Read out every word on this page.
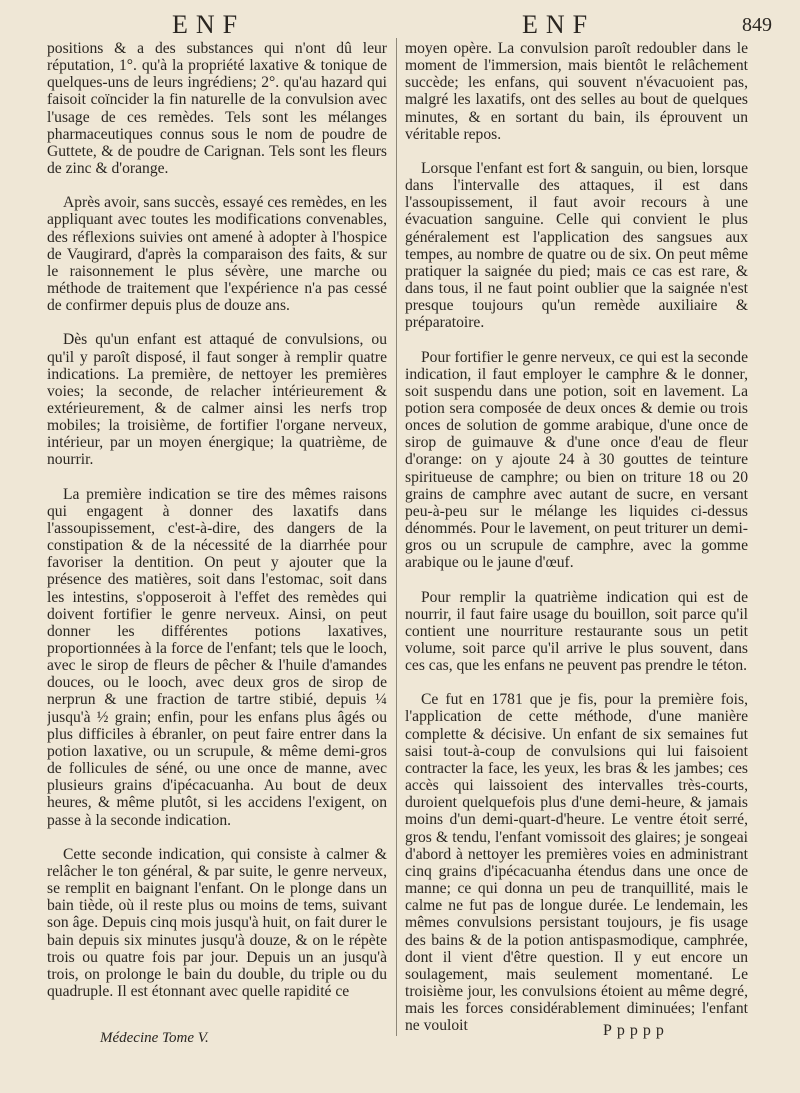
ENF	ENF	849

positions & a des substances qui n'ont dû leur réputation, 1°. qu'à la propriété laxative & tonique de quelques-uns de leurs ingrédiens; 2°. qu'au hazard qui faisoit coïncider la fin naturelle de la convulsion avec l'usage de ces remèdes. Tels sont les mélanges pharmaceutiques connus sous le nom de poudre de Guttete, & de poudre de Carignan. Tels sont les fleurs de zinc & d'orange.

Après avoir, sans succès, essayé ces remèdes, en les appliquant avec toutes les modifications convenables, des réflexions suivies ont amené à adopter à l'hospice de Vaugirard, d'après la comparaison des faits, & sur le raisonnement le plus sévère, une marche ou méthode de traitement que l'expérience n'a pas cessé de confirmer depuis plus de douze ans.

Dès qu'un enfant est attaqué de convulsions, ou qu'il y paroît disposé, il faut songer à remplir quatre indications. La première, de nettoyer les premières voies; la seconde, de relacher intérieurement & extérieurement, & de calmer ainsi les nerfs trop mobiles; la troisième, de fortifier l'organe nerveux, intérieur, par un moyen énergique; la quatrième, de nourrir.

La première indication se tire des mêmes raisons qui engagent à donner des laxatifs dans l'assoupissement, c'est-à-dire, des dangers de la constipation & de la nécessité de la diarrhée pour favoriser la dentition. On peut y ajouter que la présence des matières, soit dans l'estomac, soit dans les intestins, s'opposeroit à l'effet des remèdes qui doivent fortifier le genre nerveux. Ainsi, on peut donner les différentes potions laxatives, proportionnées à la force de l'enfant; tels que le looch, avec le sirop de fleurs de pêcher & l'huile d'amandes douces, ou le looch, avec deux gros de sirop de nerprun & une fraction de tartre stibié, depuis ¼ jusqu'à ½ grain; enfin, pour les enfans plus âgés ou plus difficiles à ébranler, on peut faire entrer dans la potion laxative, ou un scrupule, & même demi-gros de follicules de séné, ou une once de manne, avec plusieurs grains d'ipécacuanha. Au bout de deux heures, & même plutôt, si les accidens l'exigent, on passe à la seconde indication.

Cette seconde indication, qui consiste à calmer & relâcher le ton général, & par suite, le genre nerveux, se remplit en baignant l'enfant. On le plonge dans un bain tiède, où il reste plus ou moins de tems, suivant son âge. Depuis cinq mois jusqu'à huit, on fait durer le bain depuis six minutes jusqu'à douze, & on le répète trois ou quatre fois par jour. Depuis un an jusqu'à trois, on prolonge le bain du double, du triple ou du quadruple. Il est étonnant avec quelle rapidité ce

moyen opère. La convulsion paroît redoubler dans le moment de l'immersion, mais bientôt le relâchement succède; les enfans, qui souvent n'évacuoient pas, malgré les laxatifs, ont des selles au bout de quelques minutes, & en sortant du bain, ils éprouvent un véritable repos.

Lorsque l'enfant est fort & sanguin, ou bien, lorsque dans l'intervalle des attaques, il est dans l'assoupissement, il faut avoir recours à une évacuation sanguine. Celle qui convient le plus généralement est l'application des sangsues aux tempes, au nombre de quatre ou de six. On peut même pratiquer la saignée du pied; mais ce cas est rare, & dans tous, il ne faut point oublier que la saignée n'est presque toujours qu'un remède auxiliaire & préparatoire.

Pour fortifier le genre nerveux, ce qui est la seconde indication, il faut employer le camphre & le donner, soit suspendu dans une potion, soit en lavement. La potion sera composée de deux onces & demie ou trois onces de solution de gomme arabique, d'une once de sirop de guimauve & d'une once d'eau de fleur d'orange: on y ajoute 24 à 30 gouttes de teinture spiritueuse de camphre; ou bien on triture 18 ou 20 grains de camphre avec autant de sucre, en versant peu-à-peu sur le mélange les liquides ci-dessus dénommés. Pour le lavement, on peut triturer un demi-gros ou un scrupule de camphre, avec la gomme arabique ou le jaune d'œuf.

Pour remplir la quatrième indication qui est de nourrir, il faut faire usage du bouillon, soit parce qu'il contient une nourriture restaurante sous un petit volume, soit parce qu'il arrive le plus souvent, dans ces cas, que les enfans ne peuvent pas prendre le téton.

Ce fut en 1781 que je fis, pour la première fois, l'application de cette méthode, d'une manière complette & décisive. Un enfant de six semaines fut saisi tout-à-coup de convulsions qui lui faisoient contracter la face, les yeux, les bras & les jambes; ces accès qui laissoient des intervalles très-courts, duroient quelquefois plus d'une demi-heure, & jamais moins d'un demi-quart-d'heure. Le ventre étoit serré, gros & tendu, l'enfant vomissoit des glaires; je songeai d'abord à nettoyer les premières voies en administrant cinq grains d'ipécacuanha étendus dans une once de manne; ce qui donna un peu de tranquillité, mais le calme ne fut pas de longue durée. Le lendemain, les mêmes convulsions persistant toujours, je fis usage des bains & de la potion antispasmodique, camphrée, dont il vient d'être question. Il y eut encore un soulagement, mais seulement momentané. Le troisième jour, les convulsions étoient au même degré, mais les forces considérablement diminuées; l'enfant ne vouloit

Médecine Tome V.	Ppppp
